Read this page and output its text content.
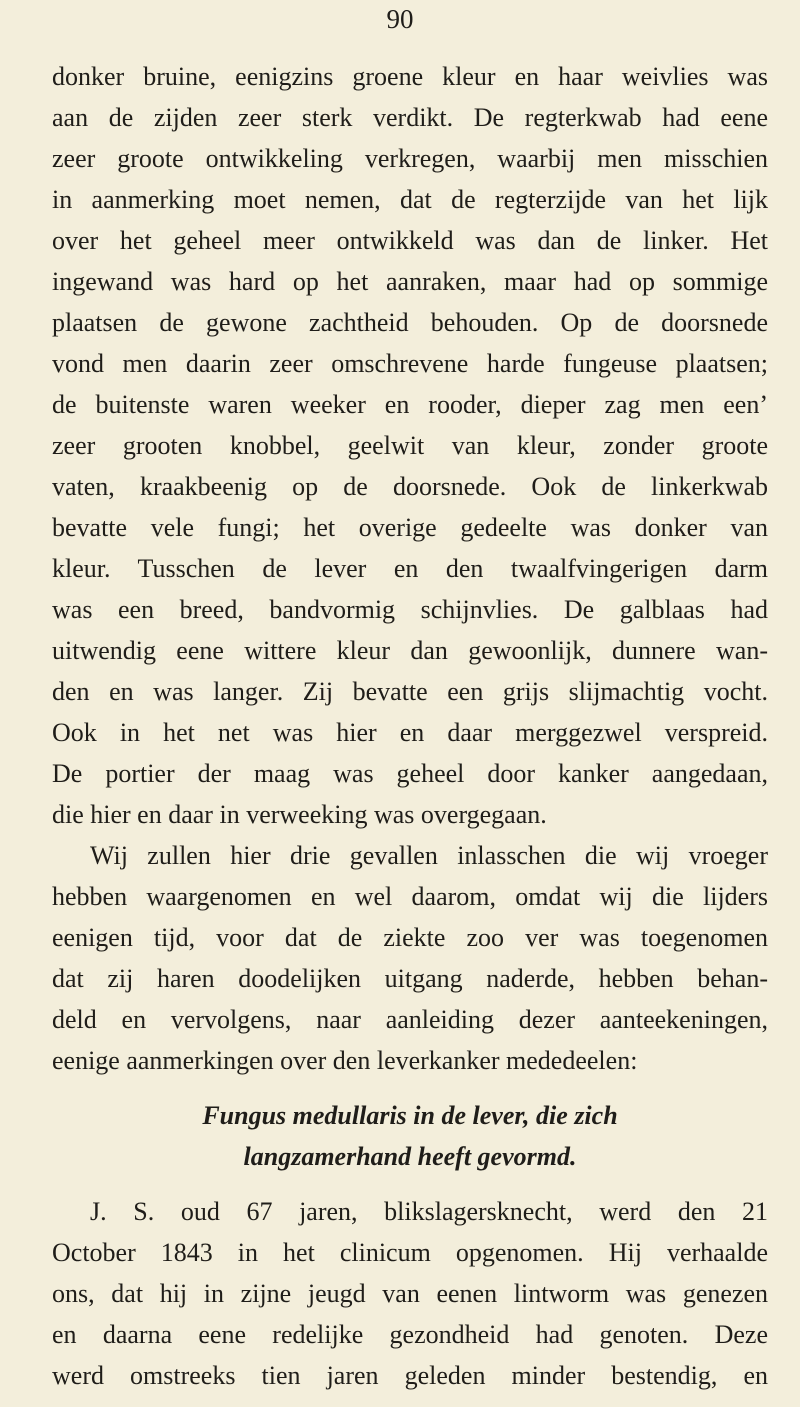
90
donker bruine, eenigzins groene kleur en haar weivlies was
aan de zijden zeer sterk verdikt. De regterkwab had eene
zeer groote ontwikkeling verkregen, waarbij men misschien
in aanmerking moet nemen, dat de regterzijde van het lijk
over het geheel meer ontwikkeld was dan de linker. Het
ingewand was hard op het aanraken, maar had op sommige
plaatsen de gewone zachtheid behouden. Op de doorsnede
vond men daarin zeer omschrevene harde fungeuse plaatsen;
de buitenste waren weeker en rooder, dieper zag men een’
zeer grooten knobbel, geelwit van kleur, zonder groote
vaten, kraakbeenig op de doorsnede. Ook de linkerkwab
bevatte vele fungi; het overige gedeelte was donker van
kleur. Tusschen de lever en den twaalfvingerigen darm
was een breed, bandvormig schijnvlies. De galblaas had
uitwendig eene wittere kleur dan gewoonlijk, dunnere wan-
den en was langer. Zij bevatte een grijs slijmachtig vocht.
Ook in het net was hier en daar merggezwel verspreid.
De portier der maag was geheel door kanker aangedaan,
die hier en daar in verweeking was overgegaan.
Wij zullen hier drie gevallen inlasschen die wij vroeger
hebben waargenomen en wel daarom, omdat wij die lijders
eenigen tijd, voor dat de ziekte zoo ver was toegenomen
dat zij haren doodelijken uitgang naderde, hebben behan-
deld en vervolgens, naar aanleiding dezer aanteekeningen,
eenige aanmerkingen over den leverkanker mededeelen:
Fungus medullaris in de lever, die zich
langzamerhand heeft gevormd.
J. S. oud 67 jaren, blikslagersknecht, werd den 21
October 1843 in het clinicum opgenomen. Hij verhaalde
ons, dat hij in zijne jeugd van eenen lintworm was genezen
en daarna eene redelijke gezondheid had genoten. Deze
werd omstreeks tien jaren geleden minder bestendig, en
